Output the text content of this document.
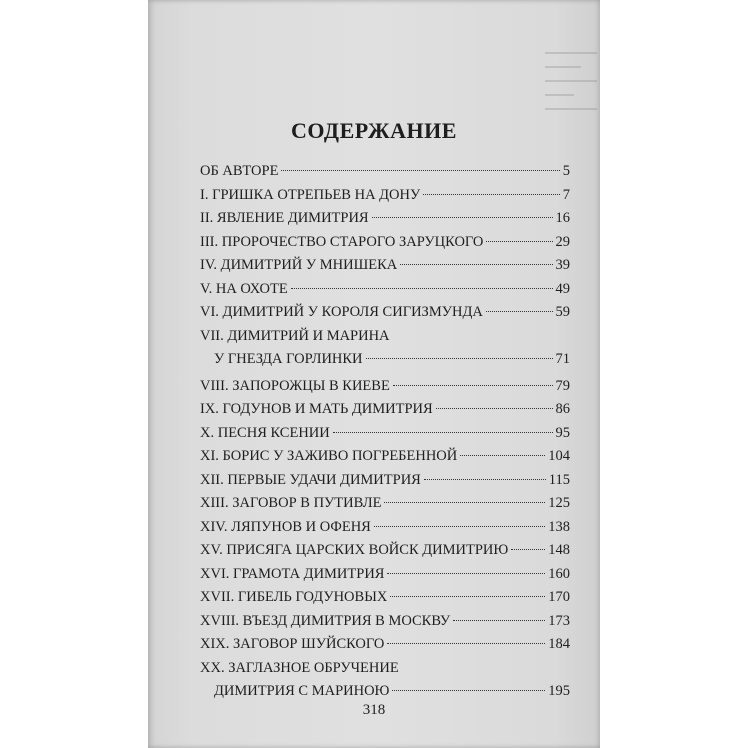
СОДЕРЖАНИЕ
ОБ АВТОРЕ	5
I. ГРИШКА ОТРЕПЬЕВ НА ДОНУ	7
II. ЯВЛЕНИЕ ДИМИТРИЯ	16
III. ПРОРОЧЕСТВО СТАРОГО ЗАРУЦКОГО	29
IV. ДИМИТРИЙ У МНИШЕКА	39
V. НА ОХОТЕ	49
VI. ДИМИТРИЙ У КОРОЛЯ СИГИЗМУНДА	59
VII. ДИМИТРИЙ И МАРИНА
У ГНЕЗДА ГОРЛИНКИ	71
VIII. ЗАПОРОЖЦЫ В КИЕВЕ	79
IX. ГОДУНОВ И МАТЬ ДИМИТРИЯ	86
X. ПЕСНЯ КСЕНИИ	95
XI. БОРИС У ЗАЖИВО ПОГРЕБЕННОЙ	104
XII. ПЕРВЫЕ УДАЧИ ДИМИТРИЯ	115
XIII. ЗАГОВОР В ПУТИВЛЕ	125
XIV. ЛЯПУНОВ И ОФЕНЯ	138
XV. ПРИСЯГА ЦАРСКИХ ВОЙСК ДИМИТРИЮ	148
XVI. ГРАМОТА ДИМИТРИЯ	160
XVII. ГИБЕЛЬ ГОДУНОВЫХ	170
XVIII. ВЪЕЗД ДИМИТРИЯ В МОСКВУ	173
XIX. ЗАГОВОР ШУЙСКОГО	184
XX. ЗАГЛАЗНОЕ ОБРУЧЕНИЕ
ДИМИТРИЯ С МАРИНОЮ	195
318
